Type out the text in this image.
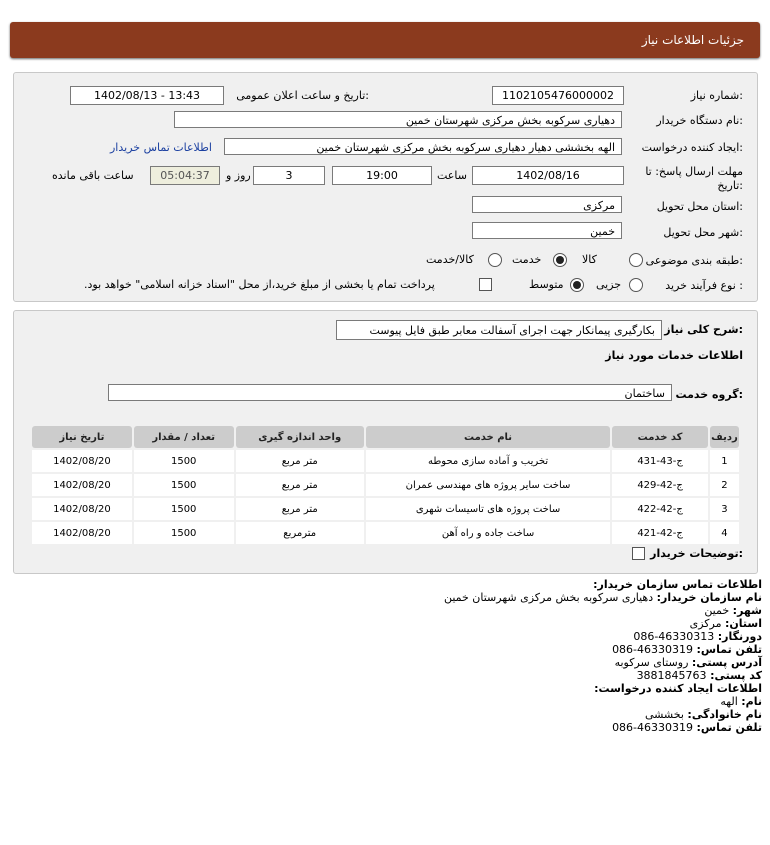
جزئیات اطلاعات نیاز
شماره نیاز:
1102105476000002
تاریخ و ساعت اعلان عمومی:
1402/08/13 - 13:43
نام دستگاه خریدار:
دهیاری سرکوبه بخش مرکزی شهرستان خمین
ایجاد کننده درخواست:
الهه بخششی دهیار دهیاری سرکوبه بخش مرکزی شهرستان خمین
اطلاعات تماس خریدار
مهلت ارسال پاسخ: تا تاریخ:
1402/08/16
ساعت
19:00
3
روز و
05:04:37
ساعت باقی مانده
استان محل تحویل:
مرکزی
شهر محل تحویل:
خمین
طبقه بندی موضوعی:
کالا
خدمت
کالا/خدمت
نوع فرآیند خرید :
جزیی
متوسط
پرداخت تمام یا بخشی از مبلغ خرید،از محل "اسناد خزانه اسلامی" خواهد بود.
شرح کلی نیاز:
بکارگیری پیمانکار جهت اجرای آسفالت معابر طبق فایل پیوست
اطلاعات خدمات مورد نیاز
گروه خدمت:
ساختمان
توضیحات خریدار:
ردیف	کد خدمت	نام خدمت	واحد اندازه گیری	تعداد / مقدار	تاریخ نیاز
1	ج-43-431	تخریب و آماده سازی محوطه	متر مربع	1500	1402/08/20
2	ج-42-429	ساخت سایر پروژه های مهندسی عمران	متر مربع	1500	1402/08/20
3	ج-42-422	ساخت پروژه های تاسیسات شهری	متر مربع	1500	1402/08/20
4	ج-42-421	ساخت جاده و راه آهن	مترمربع	1500	1402/08/20
اطلاعات تماس سازمان خریدار:
نام سازمان خریدار: دهیاری سرکوبه بخش مرکزی شهرستان خمین
شهر: خمین
استان: مرکزی
دورنگار: 086-46330313
تلفن تماس: 086-46330319
آدرس پستی: روستای سرکوبه
کد پستی: 3881845763
اطلاعات ایجاد کننده درخواست:
نام: الهه
نام خانوادگی: بخششی
تلفن تماس: 086-46330319
